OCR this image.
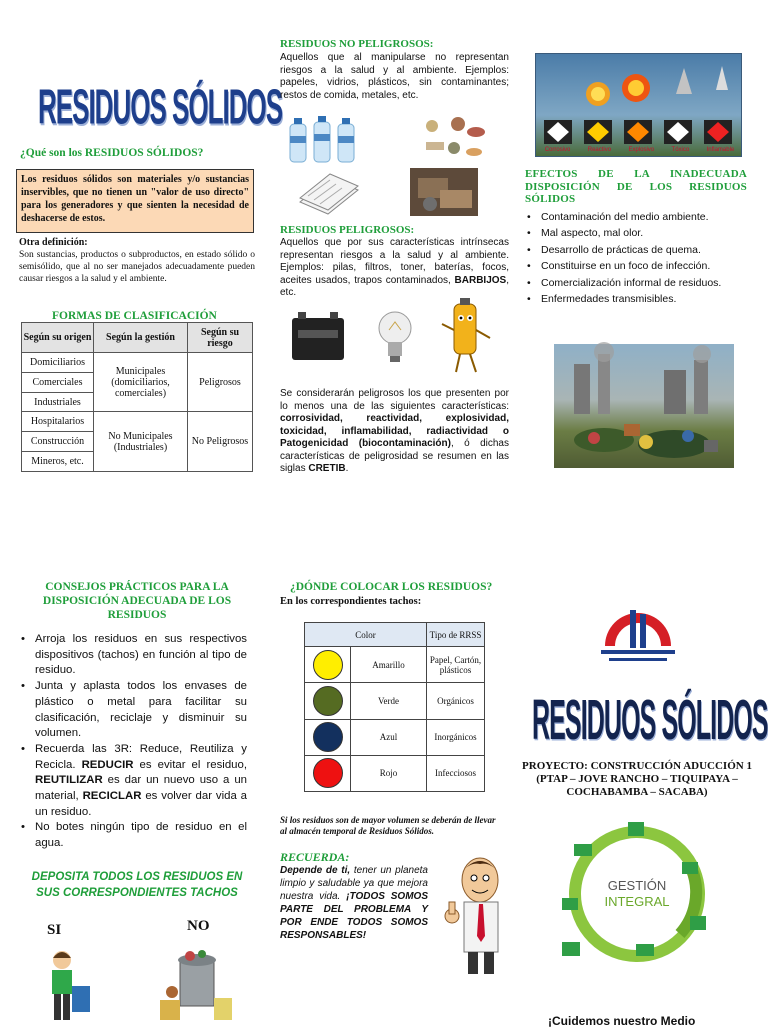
RESIDUOS SÓLIDOS
¿Qué son los RESIDUOS SÓLIDOS?
Los residuos sólidos son materiales y/o sustancias inservibles, que no tienen un "valor de uso directo" para los generadores y que sienten la necesidad de deshacerse de estos.
Otra definición:
Son sustancias, productos o subproductos, en estado sólido o semisólido, que al no ser manejados adecuadamente pueden causar riesgos a la salud y el ambiente.
FORMAS DE CLASIFICACIÓN
Según su origen	Según la gestión	Según su riesgo
Domiciliarios	Municipales (domiciliarios, comerciales)	Peligrosos
Comerciales		
Industriales		
Hospitalarios	No Municipales (Industriales)	No Peligrosos
Construcción		
Mineros, etc.		
RESIDUOS NO PELIGROSOS:
Aquellos que al manipularse no representan riesgos a la salud y al ambiente. Ejemplos: papeles, vidrios, plásticos, sin contaminantes; restos de comida, metales, etc.
RESIDUOS PELIGROSOS:
Aquellos que por sus características intrínsecas representan riesgos a la salud y al ambiente. Ejemplos: pilas, filtros, toner, baterías, focos, aceites usados, trapos contaminados, BARBIJOS, etc.
Se considerarán peligrosos los que presenten por lo menos una de las siguientes características: corrosividad, reactividad, explosividad, toxicidad, inflamabilidad, radiactividad o Patogenicidad (biocontaminación), ó dichas características de peligrosidad se resumen en las siglas CRETIB.
Corrosivo	Reactivo	Explosivo	Tóxico	Inflamable
EFECTOS DE LA INADECUADA DISPOSICIÓN DE LOS RESIDUOS SÓLIDOS
• Contaminación del medio ambiente.
• Mal aspecto, mal olor.
• Desarrollo de prácticas de quema.
• Constituirse en un foco de infección.
• Comercialización informal de residuos.
• Enfermedades transmisibles.
CONSEJOS PRÁCTICOS PARA LA DISPOSICIÓN ADECUADA DE LOS RESIDUOS
• Arroja los residuos en sus respectivos dispositivos (tachos) en función al tipo de residuo.
• Junta y aplasta todos los envases de plástico o metal para facilitar su clasificación, reciclaje y disminuir su volumen.
• Recuerda las 3R: Reduce, Reutiliza y Recicla. REDUCIR es evitar el residuo, REUTILIZAR es dar un nuevo uso a un material, RECICLAR es volver dar vida a un residuo.
• No botes ningún tipo de residuo en el agua.
DEPOSITA TODOS LOS RESIDUOS EN SUS CORRESPONDIENTES TACHOS
SI	NO
¿DÓNDE COLOCAR LOS RESIDUOS?
En los correspondientes tachos:
Color		Tipo de RRSS

	Amarillo	Papel, Cartón, plásticos

	Verde	Orgánicos

	Azul	Inorgánicos

	Rojo	Infecciosos
Si los residuos son de mayor volumen se deberán de llevar al almacén temporal de Residuos Sólidos.
RECUERDA:
Depende de ti, tener un planeta limpio y saludable ya que mejora nuestra vida. ¡TODOS SOMOS PARTE DEL PROBLEMA Y POR ENDE TODOS SOMOS RESPONSABLES!
RESIDUOS SÓLIDOS
PROYECTO: CONSTRUCCIÓN ADUCCIÓN 1 (PTAP – JOVE RANCHO – TIQUIPAYA – COCHABAMBA – SACABA)
GESTIÓN
INTEGRAL
¡Cuidemos nuestro Medio
